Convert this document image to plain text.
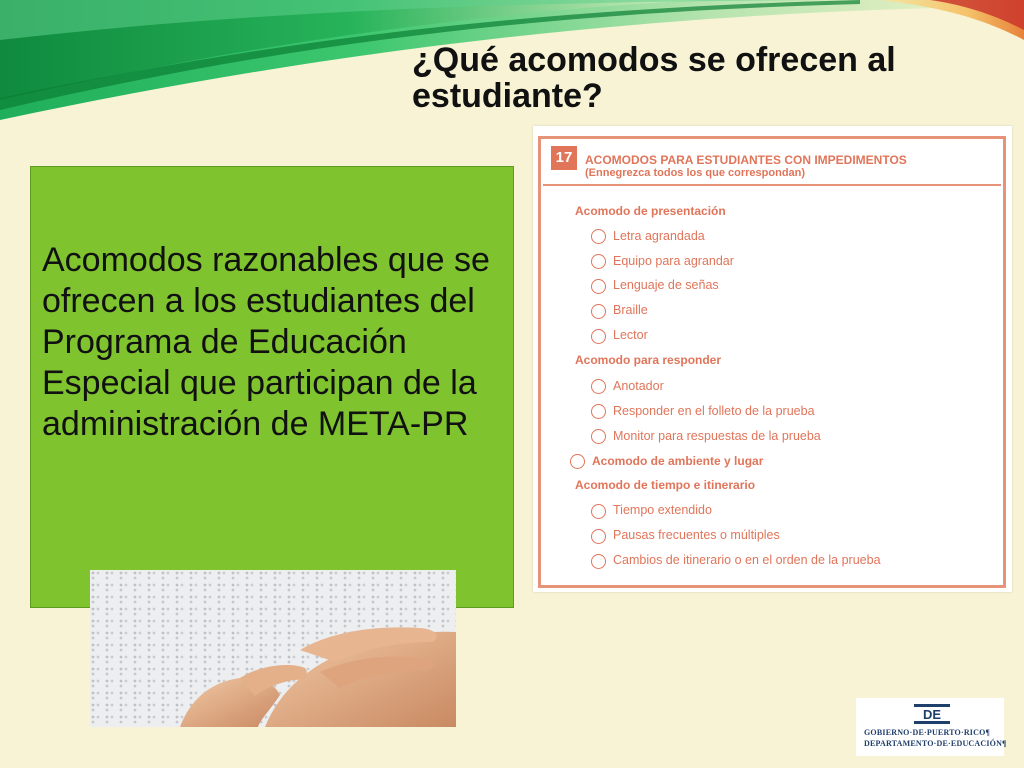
¿Qué acomodos se ofrecen al estudiante?
Acomodos razonables que se ofrecen a los estudiantes del Programa de Educación Especial que participan de la administración de META-PR
17	ACOMODOS PARA ESTUDIANTES CON IMPEDIMENTOS
(Ennegrezca todos los que correspondan)
Acomodo de presentación
Letra agrandada
Equipo para agrandar
Lenguaje de señas
Braille
Lector
Acomodo para responder
Anotador
Responder en el folleto de la prueba
Monitor para respuestas de la prueba
Acomodo de ambiente y lugar
Acomodo de tiempo e itinerario
Tiempo extendido
Pausas frecuentes o múltiples
Cambios de itinerario o en el orden de la prueba
DE
GOBIERNO·DE·PUERTO·RICO¶
DEPARTAMENTO·DE·EDUCACIÓN¶
